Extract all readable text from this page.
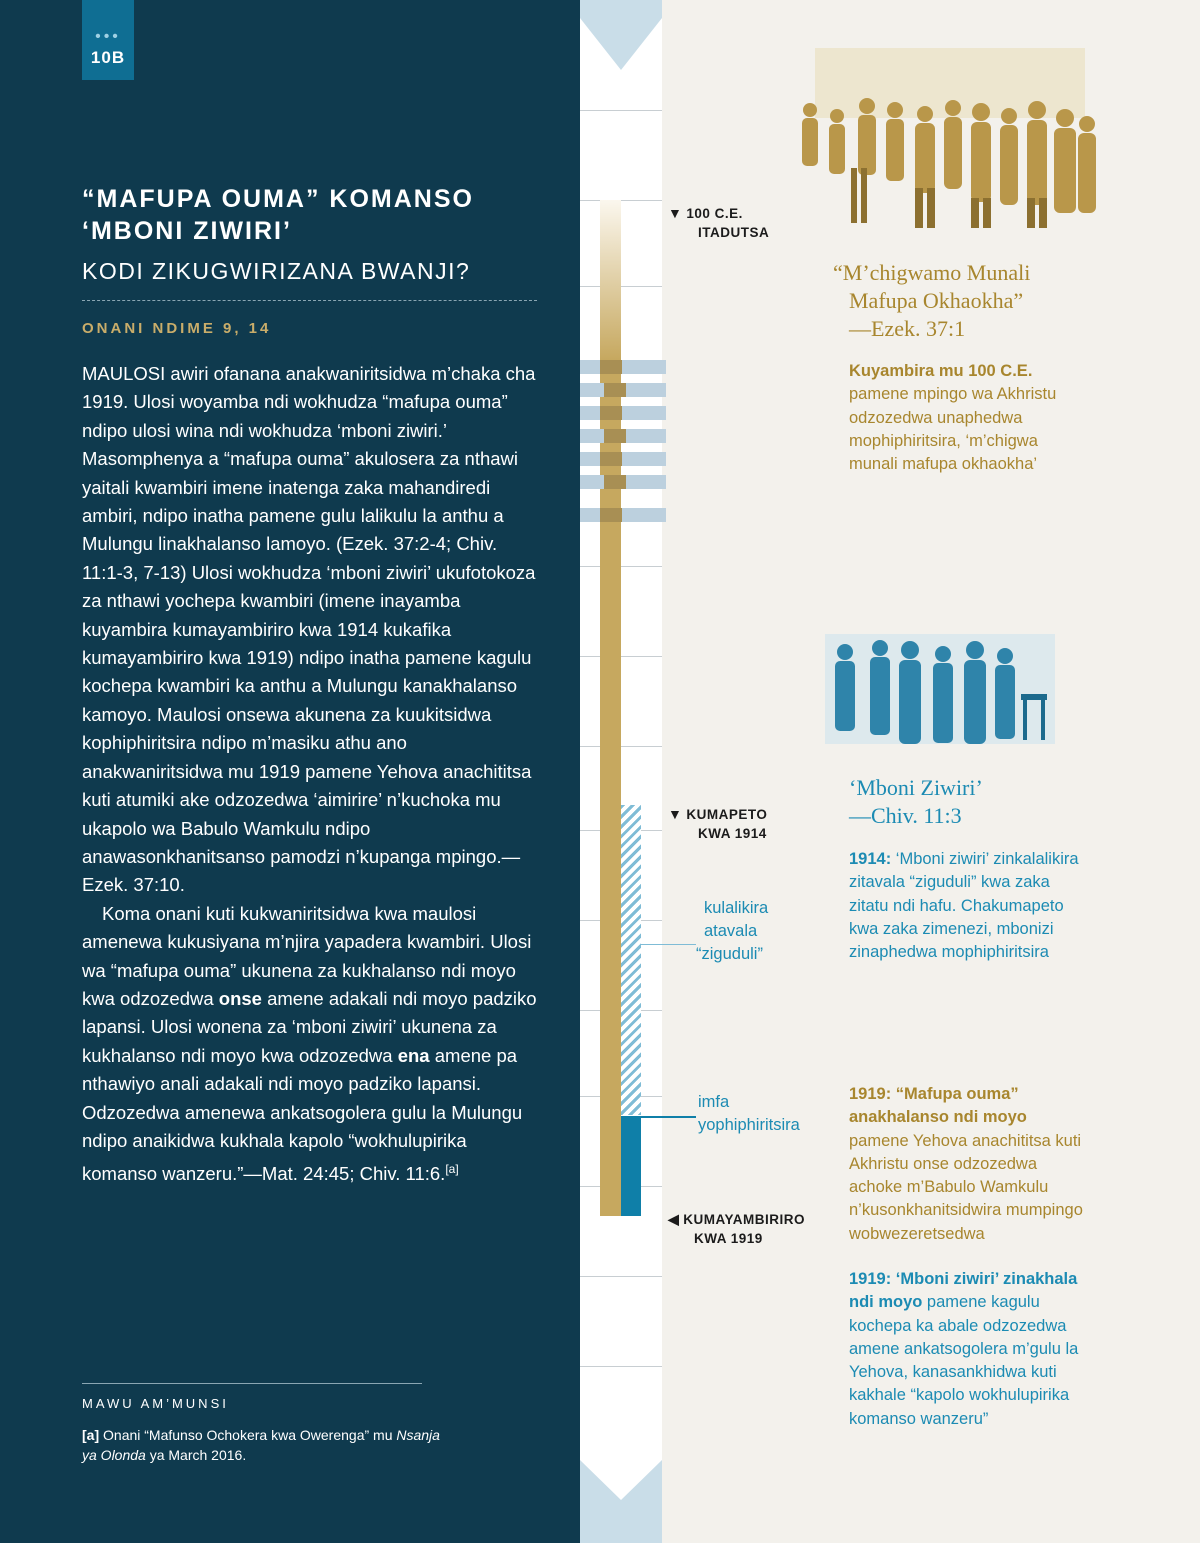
•••
10B
“MAFUPA OUMA” KOMANSO ‘MBONI ZIWIRI’
KODI ZIKUGWIRIZANA BWANJI?
ONANI NDIME 9, 14

MAULOSI awiri ofanana anakwaniritsidwa m’chaka cha 1919. Ulosi woyamba ndi wokhudza “mafupa ouma” ndipo ulosi wina ndi wokhudza ‘mboni ziwiri.’ Masomphenya a “mafupa ouma” akulosera za nthawi yaitali kwambiri imene inatenga zaka mahandiredi ambiri, ndipo inatha pamene gulu lalikulu la anthu a Mulungu linakhalanso lamoyo. (Ezek. 37:2-4; Chiv. 11:1-3, 7-13) Ulosi wokhudza ‘mboni ziwiri’ ukufotokoza za nthawi yochepa kwambiri (imene inayamba kuyambira kumayambiriro kwa 1914 kukafika kumayambiriro kwa 1919) ndipo inatha pamene kagulu kochepa kwambiri ka anthu a Mulungu kanakhalanso kamoyo. Maulosi onsewa akunena za kuukitsidwa kophiphiritsira ndipo m’masiku athu ano anakwaniritsidwa mu 1919 pamene Yehova anachititsa kuti atumiki ake odzozedwa ‘aimirire’ n’kuchoka mu ukapolo wa Babulo Wamkulu ndipo anawasonkhanitsanso pamodzi n’kupanga mpingo.—Ezek. 37:10.

Koma onani kuti kukwaniritsidwa kwa maulosi amenewa kukusiyana m’njira yapadera kwambiri. Ulosi wa “mafupa ouma” ukunena za kukhalanso ndi moyo kwa odzozedwa onse amene adakali ndi moyo padziko lapansi. Ulosi wonena za ‘mboni ziwiri’ ukunena za kukhalanso ndi moyo kwa odzozedwa ena amene pa nthawiyo anali adakali ndi moyo padziko lapansi. Odzozedwa amenewa ankatsogolera gulu la Mulungu ndipo anaikidwa kukhala kapolo “wokhulupirika komanso wanzeru.”—Mat. 24:45; Chiv. 11:6.[a]

MAWU AM’MUNSI
[a] Onani “Mafunso Ochokera kwa Owerenga” mu Nsanja ya Olonda ya March 2016.
▼ 100 C.E.
ITADUTSA
▼ KUMAPETO
KWA 1914
◀ KUMAYAMBIRIRO
KWA 1919
kulalikira
atavala
“ziguduli”
imfa
yophiphiritsira
“M’chigwamo Munali
Mafupa Okhaokha”
—Ezek. 37:1
Kuyambira mu 100 C.E.
pamene mpingo wa Akhristu odzozedwa unaphedwa mophiphiritsira, ‘m’chigwa munali mafupa okhaokha’
‘Mboni Ziwiri’
—Chiv. 11:3
1914: ‘Mboni ziwiri’ zinkalalikira zitavala “ziguduli” kwa zaka zitatu ndi hafu. Chakumapeto kwa zaka zimenezi, mbonizi zinaphedwa mophiphiritsira
1919: “Mafupa ouma” anakhalanso ndi moyo pamene Yehova anachititsa kuti Akhristu onse odzozedwa achoke m’Babulo Wamkulu n’kusonkhanitsidwira mumpingo wobwezeretsedwa
1919: ‘Mboni ziwiri’ zinakhala ndi moyo pamene kagulu kochepa ka abale odzozedwa amene ankatsogolera m’gulu la Yehova, kanasankhidwa kuti kakhale “kapolo wokhulupirika komanso wanzeru”
